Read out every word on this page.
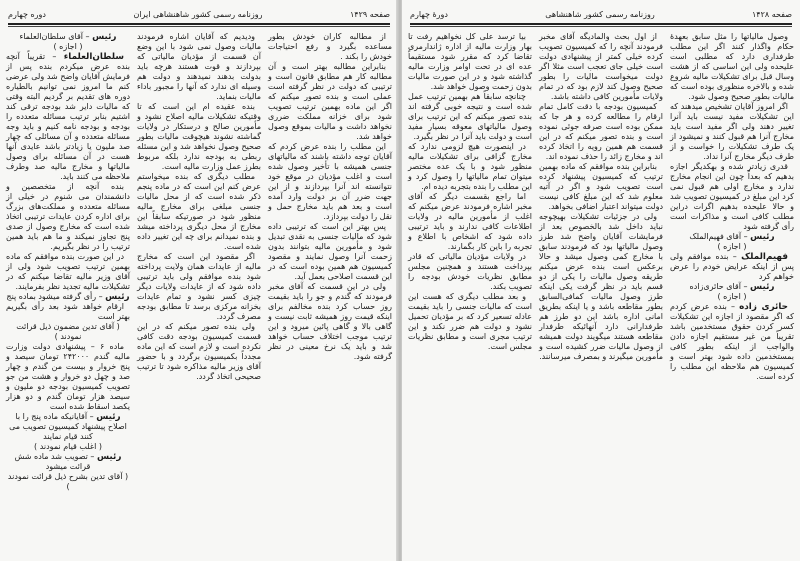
صفحه ۱۴۲۹
روزنامه رسمی کشور شاهنشاهی ایران
دوره چهارم

از مطالبه کاران خودش بطور مساعده بگیرد و رفع احتیاجات خودش را بکند .

بنابراین مطالبه بهتر است و آن مطالبه کار هم مطابق قانون است و ترتیبی که دولت در نظر گرفته است عملی است و بنده تصور میکنم که اگر این ماده بهمین ترتیب تصویب شود برای خزانه مملکت ضرری نخواهد داشت و مالیات بموقع وصول خواهد شد.

این مطلب را بنده عرض کردم که آقایان توجه داشته باشند که مالیاتهای جنسی همیشه با تأخیر وصول شده است و اغلب مؤدیان در موقع خود نتوانسته اند آنرا بپردازند و از این جهت ضرر آن بر دولت وارد آمده است و بعد هم باید مخارج حمل و نقل را دولت بپردازد.

پس بهتر این است که ترتیبی داده شود که مالیات جنسی به نقدی تبدیل شود و مأمورین مالیه بتوانند بدون زحمت آنرا وصول نمایند و مقصود کمیسیون هم همین بوده است که در این قسمت اصلاحی بعمل آید.

ولی در این قسمت که آقای مخبر فرمودند که گندم و جو را باید بقیمت روز حساب کرد بنده مخالفم برای اینکه قیمت روز همیشه ثابت نیست و گاهی بالا و گاهی پائین میرود و این ترتیب موجب اختلاف حساب خواهد شد و باید یک نرخ معینی در نظر گرفته شود.

ودیدیم که آقایان اشاره فرمودند مالیات وصول نمی شود با این وضع آن قسمت از مؤدیان مالیاتی که بپردازند و قوت هستند هرچه باید بدولت بدهند نمیدهند و دولت هم وسیله ای ندارد که آنها را مجبور باداء مالیات بنماید.

بنده عقیده ام این است که تا وقتیکه تشکیلات مالیه اصلاح نشود و مأمورین صالح و درستکار در ولایات گماشته نشوند هیچوقت مالیات بطور صحیح وصول نخواهد شد و این مسئله ربطی به بودجه ندارد بلکه مربوط بطرز عمل وزارت مالیه است.

مطلب دیگری که بنده میخواستم عرض کنم این است که در ماده پنجم ذکر شده است که از محل مالیات جنسی مبلغی برای مخارج مالیه منظور شود در صورتیکه سابقاً این مخارج از محل دیگری پرداخته میشد و بنده نمیدانم برای چه این تغییر داده شده است.

اگر مقصود این است که مخارج مالیه از عایدات همان ولایت پرداخته شود بنده موافقم ولی باید ترتیبی داده شود که از عایدات ولایات دیگر چیزی کسر نشود و تمام عایدات بخزانه مرکزی برسد تا مطابق بودجه مصرف گردد.

ولی بنده تصور میکنم که در این قسمت کمیسیون بودجه دقت کافی نکرده است و لازم است که این ماده مجدداً بکمیسیون برگردد و با حضور آقای وزیر مالیه مذاکره شود تا ترتیب صحیحی اتخاذ گردد.

رئیس – آقای سلطان‌العلماء

( اجازه )

سلطان‌العلماء – تقریباً آنچه بنده عرض میکردم بنده پس از فرمایش آقایان واضح شد ولی عرضی کنم ما امروز نمی توانیم بالطیاره دوره های تقدیم بر گردیم البته وقتی که مالیات دایر شد بودجه ترقی کند اشتیم بنابر ترتیب مسائله متعدده را بودجه و بودجه نامه کنیم و باید وجه مسائله متعدده و آن مسائلی که چهار صد ملیون یا زیادتر باشد عایدی آنها هست در آن مسائله برای وصول مالیاتها و مخارج مالیه صد وطرف ملاحظه می کنند باید.

بنده آنچه از متخصصین و دانشمندان می شنوم در خیلی از مسائله متعدده و مملکت‌های بزرگ برای اداره کردن عایدات ترتیبی اتخاذ شده است که مخارج وصول از صدی پنج تجاوز نمیکند و ما هم باید همین ترتیب را در نظر بگیریم.

در این صورت بنده موافقم که ماده بهمین ترتیب تصویب شود ولی از آقای وزیر مالیه تقاضا میکنم که در تشکیلات مالیه تجدید نظر بفرمایند.

رئیس – رأی گرفته میشود بماده پنج

ارقام خواهد شود بعد رأی بگیریم بهتر است

( آقای تدین مضمون ذیل قرائت نمودند )

ماده ۶ – پیشنهادی دولت وزارت مالیه گندم ۲۴۲۰۰۰ تومان سیصد و پنج خروار و بیست من گندم و چهار صد و چهل دو خروار و هشت من جو تصویب کمیسیون بودجه دو ملیون و سیصد هزار تومان گندم و دو هزار یکصد اسقاط شده است

رئیس – آقایانیکه ماده پنج را با اصلاح پیشنهاد کمیسیون تصویب می کنند قیام نمایند

( اغلب قیام نمودند )

رئیس – تصویب شد ماده شش قرائت میشود

( آقای تدین بشرح ذیل قرائت نمودند )

صفحه ۱۴۲۸
روزنامه رسمی کشور شاهنشاهی
دورهٔ چهارم

وصول مالیاتها را مثل سابق بعهدهٔ حکام واگذار کنند اگر این مطلب طرفداری دارد که مطلبی است علیحده ولی این اساسی که از هشت وسال قبل برای تشکیلات مالیه شروع شده و بالاخره منظوری بوده است که مالیات بطور صحیح وصول شود.

اگر امروز آقایان تشخیص میدهند که این تشکیلات مفید نیست باید آنرا تغییر دهند ولی اگر مفید است باید مخارج آنرا هم قبول کنند و نمیشود از یک طرف تشکیلات را خواست و از طرف دیگر مخارج آنرا نداد.

قدری زیادتر شده و بهکدیگر اجازه بدهیم که بعداً چون این انجام مخارج ندارد و مخارج اولی هم قبول نمی کرد این مبلغ در کمیسیون تصویب شد و حالا علیحده بدهیم اگرات دراین مطلب کافی است و مذاکرات است رأی گرفته شود

رئیس – آقای فهیم‌الملک

( اجازه )

فهیم‌الملک – بنده موافقم ولی پس از اینکه عرایض خودم را عرض خواهم کرد

رئیس – آقای حائری‌زاده

( اجازه )

حائری زاده – بنده عرض کردم که اگر مقصود از اجازه این تشکیلات کسر کردن حقوق مستخدمین باشد تقریباً من غیر مستقیم اجازه دادن والواجب از اینکه بطور کافی بمستخدمین داده شود بهتر است و کمیسیون هم ملاحظه این مطلب را کرده است.

از اول بحث والمادیگه آقای مخبر فرمودند آنچه را که کمیسیون تصویب کرده خیلی کمتر از پیشنهادی دولت است خیلی جای تعجب است مثلا اگر دولت میخواست مالیات را بطور صحیح وصول کند لازم بود که در تمام ولایات مأمورین کافی داشته باشد.

کمیسیون بودجه با دقت کامل تمام ارقام را مطالعه کرده و هر جا که ممکن بوده است صرفه جوئی نموده است و بنده تصور میکنم که در این قسمت هم همین رویه را اتخاذ کرده اند و مخارج زائد را حذف نموده اند.

بنابراین بنده موافقم که ماده بهمین ترتیب که کمیسیون پیشنهاد کرده است تصویب شود و اگر در آتیه معلوم شد که این مبلغ کافی نیست دولت میتواند اعتبار اضافی بخواهد.

ولی در جزئیات تشکیلات بهیچوجه نباید داخل شد بالخصوص بعد از فرمایشات آقایان واضح شد طرز وصول مالیاتها بود که فرمودند سابق با مخارج کمی وصول میشد و حالا برعکس است بنده عرض میکنم طریقه وصول مالیات را یکی از دو قسم باید در نظر گرفت یکی اینکه طرز وصول مالیات کمافی‌السابق بطور مقاطعه باشد و یا اینکه بطریق امانی اداره باشد این دو طرز هم طرفدارانی دارد آنهائیکه طرفدار مقاطعه هستند میگویند دولت همیشه از وصول مالیات ضرر کشیده است و مأمورین میگیرند و بمصرف میرسانند.

بیا ترسد علی کل نخواهیم رفت تا بهار وزارت مالیه از اداره ژاندارمری تقاضا کرد که مقرر شود مستقیماً عده ای در تحت اوامر وزارت مالیه گذاشته شود و در این صورت مالیات بدون زحمت وصول خواهد شد.

چنانچه سابقاً هم بهمین ترتیب عمل شده است و نتیجه خوبی گرفته اند بنده تصور میکنم که این ترتیب برای وصول مالیاتهای معوقه بسیار مفید است و دولت باید آنرا در نظر بگیرد.

در اینصورت هیچ لزومی ندارد که مخارج گزافی برای تشکیلات مالیه منظور شود و با یک عده مختصر میتوان تمام مالیاتها را وصول کرد و این مطلب را بنده بتجربه دیده ام.

اما راجع بقسمت دیگر که آقای مخبر اشاره فرمودند عرض میکنم که اغلب از مأمورین مالیه در ولایات اطلاعات کافی ندارند و باید ترتیبی داده شود که اشخاص با اطلاع و تجربه را باین کار بگمارند.

در ولایات مؤدیان مالیاتی که قادر بپرداخت هستند و همچنین مجلس مطابق نظریات خودش بودجه را تصویب بکند.

و بعد مطلب دیگری که هست این است که مالیات جنسی را باید بقیمت عادله تسعیر کرد که بر مؤدیان تحمیل نشود و دولت هم ضرر نکند و این ترتیب مجری است و مطابق نظریات مجلس است.
